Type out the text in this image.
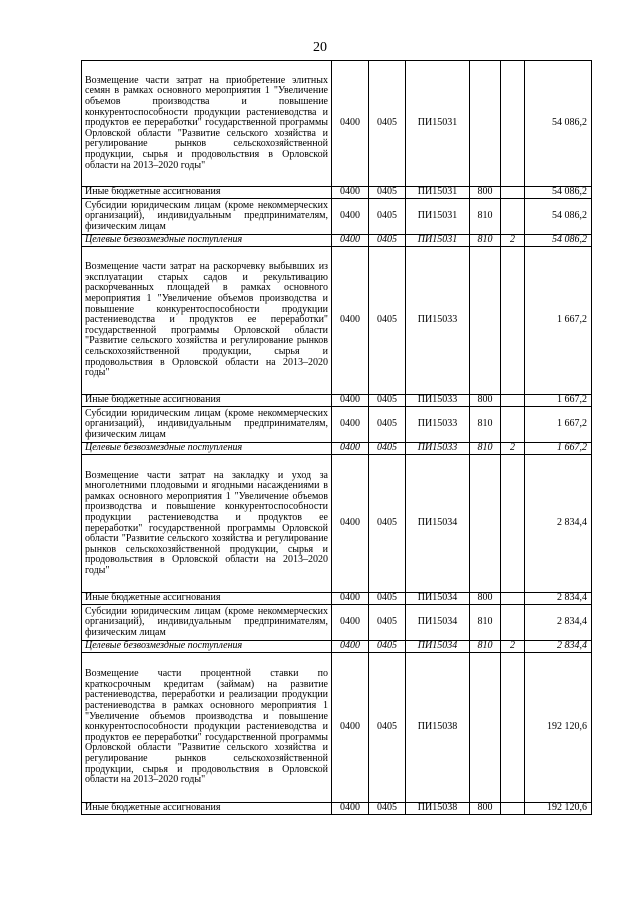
20
Возмещение части затрат на приобретение элитных семян в рамках основного мероприятия 1 "Увеличение объемов производства и повышение конкурентоспособности продукции растениеводства и продуктов ее переработки" государственной программы Орловской области "Развитие сельского хозяйства и регулирование рынков сельскохозяйственной продукции, сырья и продовольствия в Орловской области на 2013–2020 годы"	0400	0405	ПИ15031			54 086,2
Иные бюджетные ассигнования	0400	0405	ПИ15031	800		54 086,2
Субсидии юридическим лицам (кроме некоммерческих организаций), индивидуальным предпринимателям, физическим лицам	0400	0405	ПИ15031	810		54 086,2
Целевые безвозмездные поступления	0400	0405	ПИ15031	810	2	54 086,2
Возмещение части затрат на раскорчевку выбывших из эксплуатации старых садов и рекультивацию раскорчеванных площадей в рамках основного мероприятия 1 "Увеличение объемов производства и повышение конкурентоспособности продукции растениеводства и продуктов ее переработки" государственной программы Орловской области "Развитие сельского хозяйства и регулирование рынков сельскохозяйственной продукции, сырья и продовольствия в Орловской области на 2013–2020 годы"	0400	0405	ПИ15033			1 667,2
Иные бюджетные ассигнования	0400	0405	ПИ15033	800		1 667,2
Субсидии юридическим лицам (кроме некоммерческих организаций), индивидуальным предпринимателям, физическим лицам	0400	0405	ПИ15033	810		1 667,2
Целевые безвозмездные поступления	0400	0405	ПИ15033	810	2	1 667,2
Возмещение части затрат на закладку и уход за многолетними плодовыми и ягодными насаждениями в рамках основного мероприятия 1 "Увеличение объемов производства и повышение конкурентоспособности продукции растениеводства и продуктов ее переработки" государственной программы Орловской области "Развитие сельского хозяйства и регулирование рынков сельскохозяйственной продукции, сырья и продовольствия в Орловской области на 2013–2020 годы"	0400	0405	ПИ15034			2 834,4
Иные бюджетные ассигнования	0400	0405	ПИ15034	800		2 834,4
Субсидии юридическим лицам (кроме некоммерческих организаций), индивидуальным предпринимателям, физическим лицам	0400	0405	ПИ15034	810		2 834,4
Целевые безвозмездные поступления	0400	0405	ПИ15034	810	2	2 834,4
Возмещение части процентной ставки по краткосрочным кредитам (займам) на развитие растениеводства, переработки и реализации продукции растениеводства в рамках основного мероприятия 1 "Увеличение объемов производства и повышение конкурентоспособности продукции растениеводства и продуктов ее переработки" государственной программы Орловской области "Развитие сельского хозяйства и регулирование рынков сельскохозяйственной продукции, сырья и продовольствия в Орловской области на 2013–2020 годы"	0400	0405	ПИ15038			192 120,6
Иные бюджетные ассигнования	0400	0405	ПИ15038	800		192 120,6
